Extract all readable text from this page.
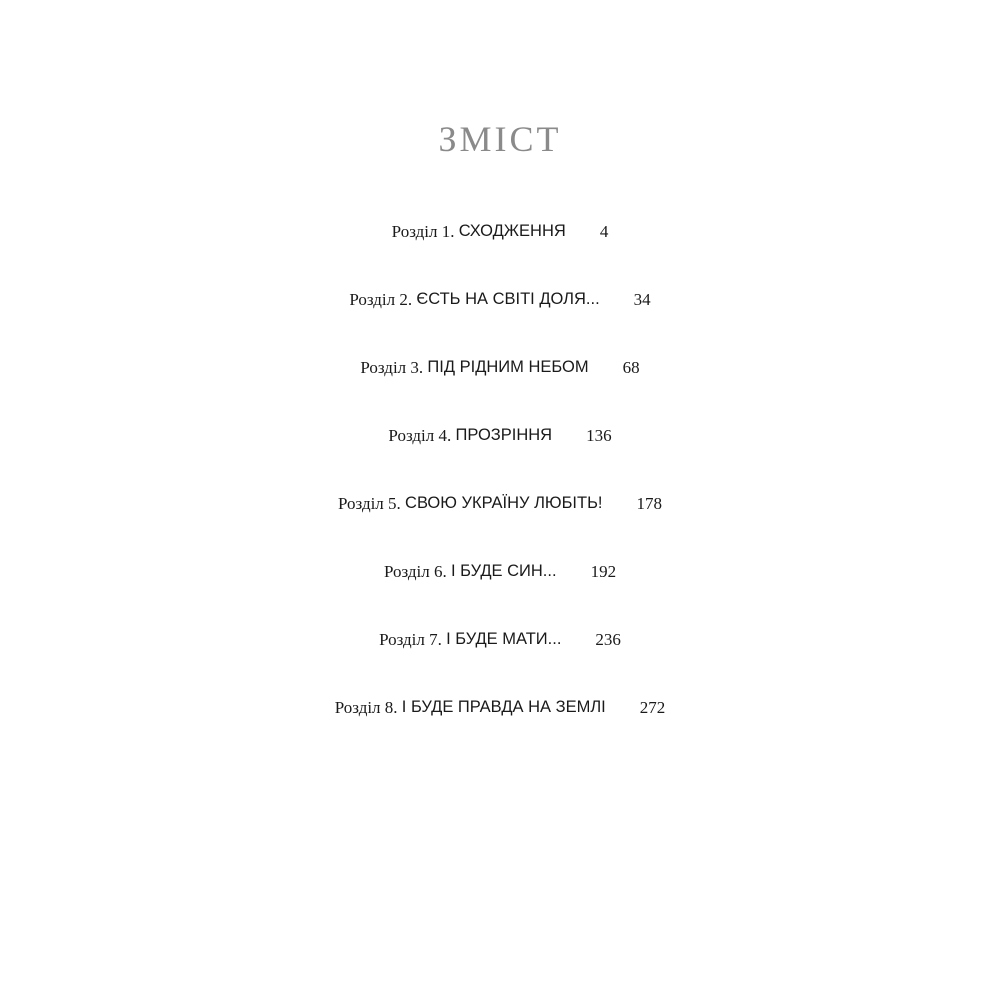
ЗМІСТ
Розділ 1.
СХОДЖЕННЯ 4
Розділ 2.
ЄСТЬ НА СВІТІ ДОЛЯ... 34
Розділ 3.
ПІД РІДНИМ НЕБОМ 68
Розділ 4.
ПРОЗРІННЯ 136
Розділ 5.
СВОЮ УКРАЇНУ ЛЮБІТЬ! 178
Розділ 6.
І БУДЕ СИН... 192
Розділ 7.
І БУДЕ МАТИ... 236
Розділ 8.
І БУДЕ ПРАВДА НА ЗЕМЛІ 272
